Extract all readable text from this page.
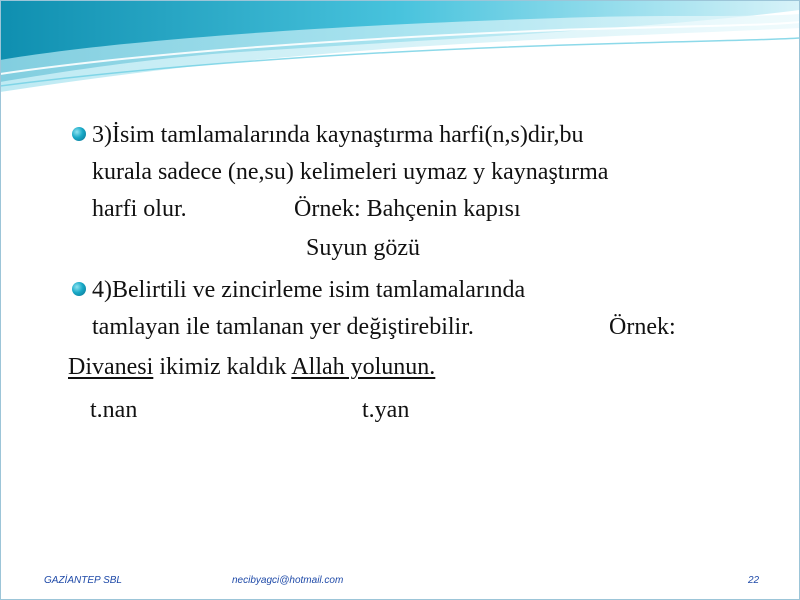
3)İsim tamlamalarında kaynaştırma harfi(n,s)dir,bu
kurala sadece (ne,su) kelimeleri uymaz y kaynaştırma
harfi olur.	Örnek: Bahçenin kapısı
Suyun gözü
4)Belirtili ve zincirleme isim tamlamalarında
tamlayan ile tamlanan yer değiştirebilir.	Örnek:
Divanesi ikimiz kaldık Allah yolunun.
t.nan	t.yan
GAZİANTEP SBL	necibyagci@hotmail.com	22
